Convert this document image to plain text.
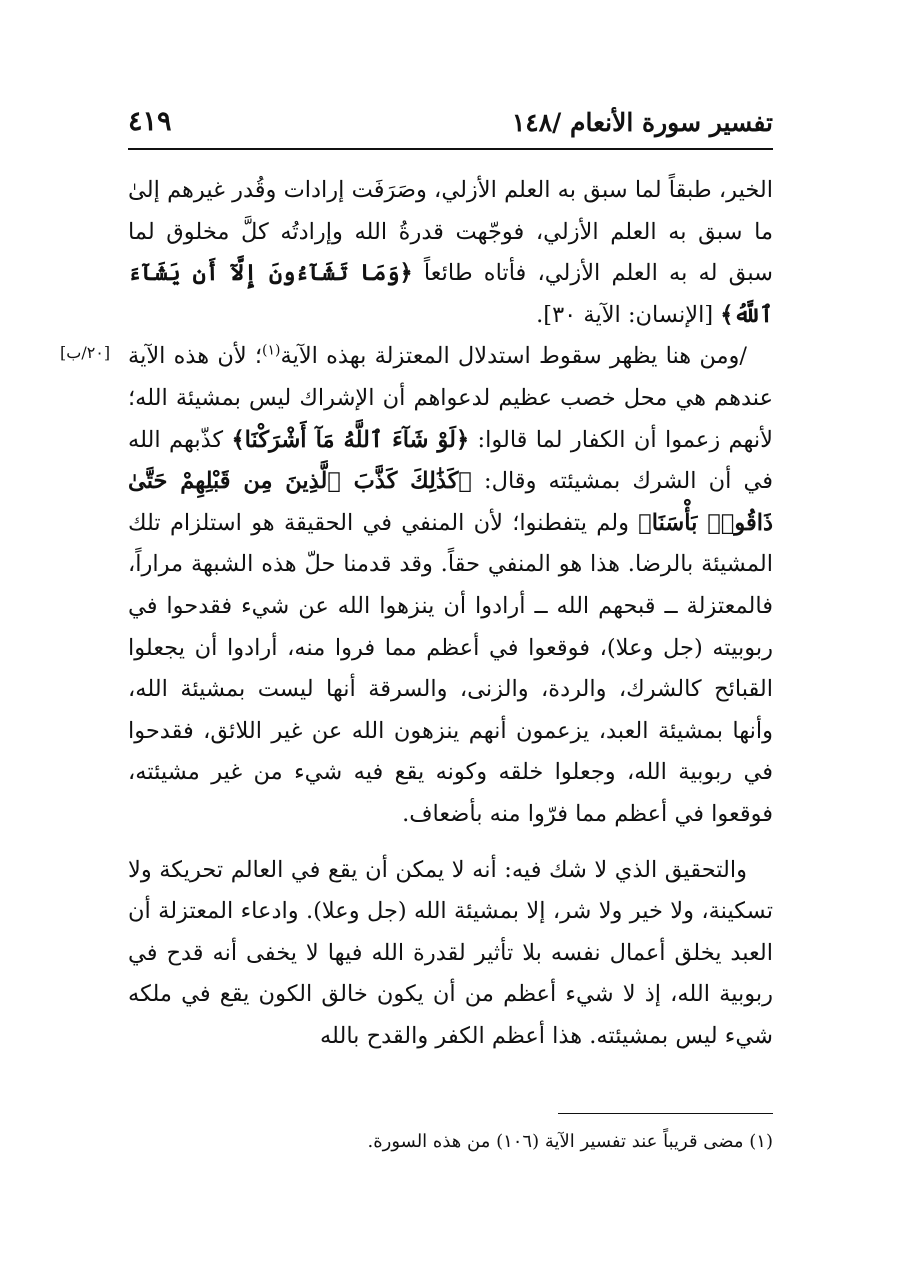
تفسير سورة الأنعام /١٤٨
٤١٩
[٢٠/ب]

الخير، طبقاً لما سبق به العلم الأزلي، وصَرَفَت إرادات وقُدر غيرهم إلىٰ ما سبق به العلم الأزلي، فوجّهت قدرةُ الله وإرادتُه كلَّ مخلوق لما سبق له به العلم الأزلي، فأتاه طائعاً ﴿وَمَا تَشَآءُونَ إِلَّآ أَن يَشَآءَ ٱللَّهُ﴾ [الإنسان: الآية ٣٠].

/ومن هنا يظهر سقوط استدلال المعتزلة بهذه الآية$^{(١)}$؛ لأن هذه الآية عندهم هي محل خصب عظيم لدعواهم أن الإشراك ليس بمشيئة الله؛ لأنهم زعموا أن الكفار لما قالوا: ﴿لَوْ شَآءَ ٱللَّهُ مَآ أَشْرَكْنَا﴾ كذّبهم الله في أن الشرك بمشيئته وقال: ﴿كَذَٰلِكَ كَذَّبَ ٱلَّذِينَ مِن قَبْلِهِمْ حَتَّىٰ ذَاقُوا۟ بَأْسَنَا﴾ ولم يتفطنوا؛ لأن المنفي في الحقيقة هو استلزام تلك المشيئة بالرضا. هذا هو المنفي حقاً. وقد قدمنا حلّ هذه الشبهة مراراً، فالمعتزلة ــ قبحهم الله ــ أرادوا أن ينزهوا الله عن شيء فقدحوا في ربوبيته (جل وعلا)، فوقعوا في أعظم مما فروا منه، أرادوا أن يجعلوا القبائح كالشرك، والردة، والزنى، والسرقة أنها ليست بمشيئة الله، وأنها بمشيئة العبد، يزعمون أنهم ينزهون الله عن غير اللائق، فقدحوا في ربوبية الله، وجعلوا خلقه وكونه يقع فيه شيء من غير مشيئته، فوقعوا في أعظم مما فرّوا منه بأضعاف.

والتحقيق الذي لا شك فيه: أنه لا يمكن أن يقع في العالم تحريكة ولا تسكينة، ولا خير ولا شر، إلا بمشيئة الله (جل وعلا). وادعاء المعتزلة أن العبد يخلق أعمال نفسه بلا تأثير لقدرة الله فيها لا يخفى أنه قدح في ربوبية الله، إذ لا شيء أعظم من أن يكون خالق الكون يقع في ملكه شيء ليس بمشيئته. هذا أعظم الكفر والقدح بالله

(١) مضى قريباً عند تفسير الآية (١٠٦) من هذه السورة.
